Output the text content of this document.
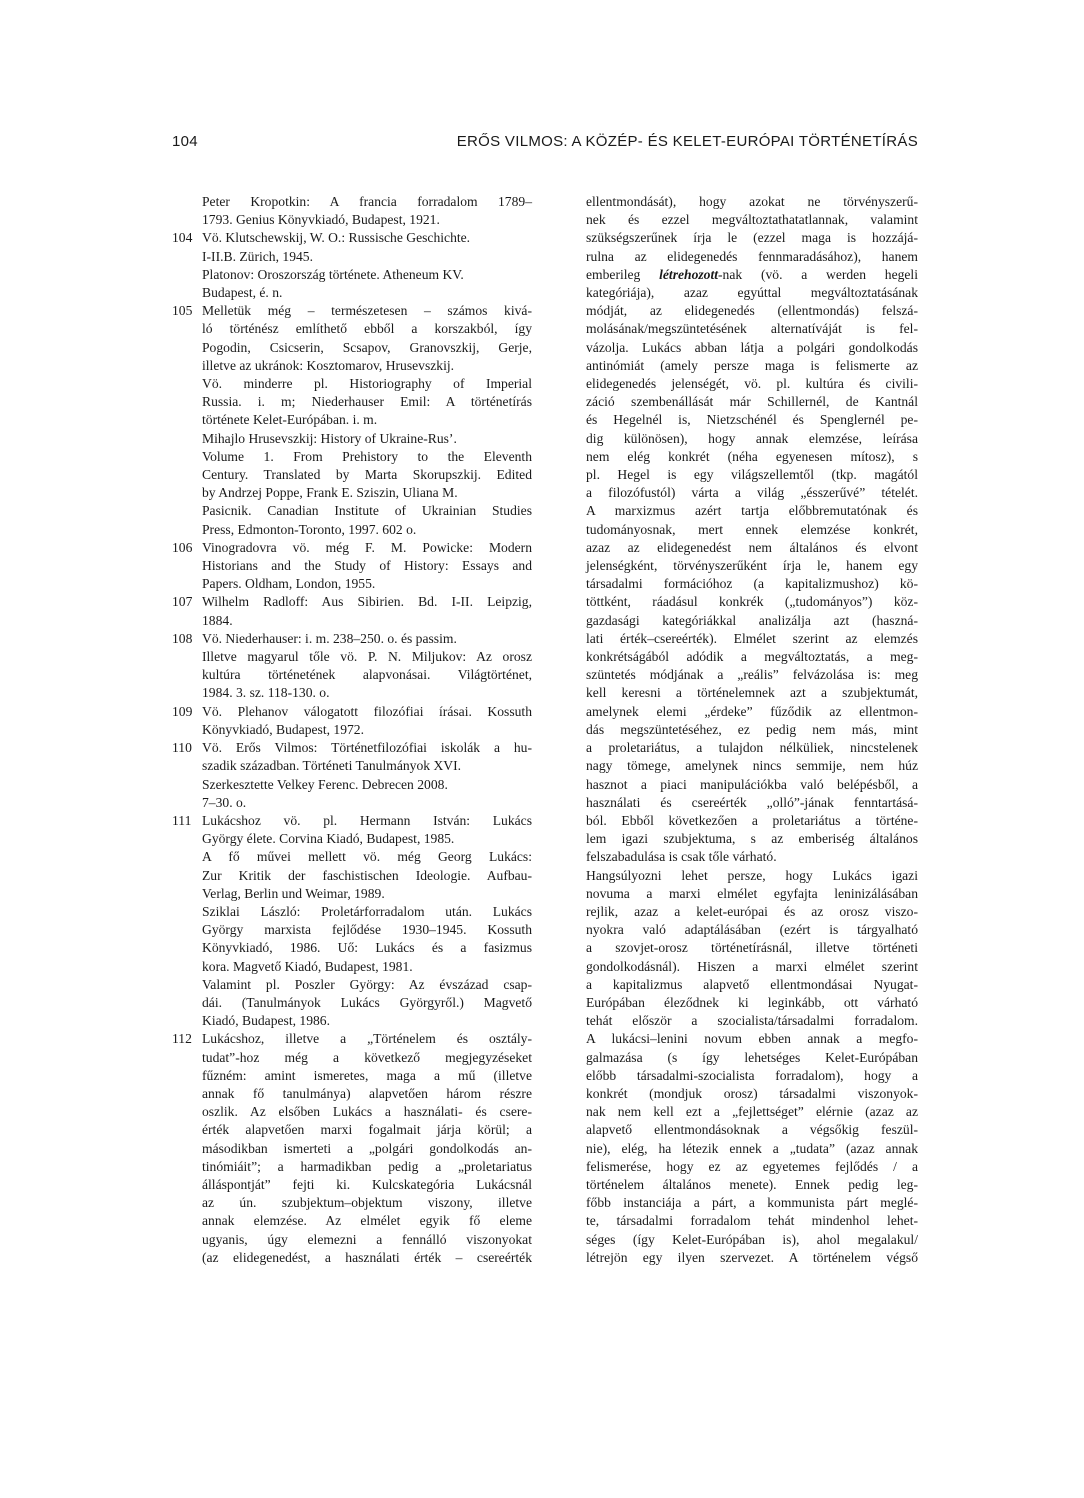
104	ERŐS VILMOS: A KÖZÉP- ÉS KELET-EURÓPAI TÖRTÉNETÍRÁS
Peter Kropotkin: A francia forradalom 1789–
1793. Genius Könyvkiadó, Budapest, 1921.
104 Vö. Klutschewskij, W. O.: Russische Geschichte.
I-II.B. Zürich, 1945.
Platonov: Oroszország története. Atheneum KV.
Budapest, é. n.
105 Melletük még – természetesen – számos kivá-
ló történész említhető ebből a korszakból, így
Pogodin, Csicserin, Scsapov, Granovszkij, Gerje,
illetve az ukránok: Kosztomarov, Hrusevszkij.
Vö. minderre pl. Historiography of Imperial
Russia. i. m; Niederhauser Emil: A történetírás
története Kelet-Európában. i. m.
Mihajlo Hrusevszkij: History of Ukraine-Rus’.
Volume 1. From Prehistory to the Eleventh
Century. Translated by Marta Skorupszkij. Edited
by Andrzej Poppe, Frank E. Sziszin, Uliana M.
Pasicnik. Canadian Institute of Ukrainian Studies
Press, Edmonton-Toronto, 1997. 602 o.
106 Vinogradovra vö. még F. M. Powicke: Modern
Historians and the Study of History: Essays and
Papers. Oldham, London, 1955.
107 Wilhelm Radloff: Aus Sibirien. Bd. I-II. Leipzig,
1884.
108 Vö. Niederhauser: i. m. 238–250. o. és passim.
Illetve magyarul tőle vö. P. N. Miljukov: Az orosz
kultúra történetének alapvonásai. Világtörténet,
1984. 3. sz. 118-130. o.
109 Vö. Plehanov válogatott filozófiai írásai. Kossuth
Könyvkiadó, Budapest, 1972.
110 Vö. Erős Vilmos: Történetfilozófiai iskolák a hu-
szadik században. Történeti Tanulmányok XVI.
Szerkesztette Velkey Ferenc. Debrecen 2008.
7–30. o.
111 Lukácshoz vö. pl. Hermann István: Lukács
György élete. Corvina Kiadó, Budapest, 1985.
A fő művei mellett vö. még Georg Lukács:
Zur Kritik der faschistischen Ideologie. Aufbau-
Verlag, Berlin und Weimar, 1989.
Sziklai László: Proletárforradalom után. Lukács
György marxista fejlődése 1930–1945. Kossuth
Könyvkiadó, 1986. Uő: Lukács és a fasizmus
kora. Magvető Kiadó, Budapest, 1981.
Valamint pl. Poszler György: Az évszázad csap-
dái. (Tanulmányok Lukács Györgyről.) Magvető
Kiadó, Budapest, 1986.
112 Lukácshoz, illetve a „Történelem és osztály-
tudat”-hoz még a következő megjegyzéseket
fűzném: amint ismeretes, maga a mű (illetve
annak fő tanulmánya) alapvetően három részre
oszlik. Az elsőben Lukács a használati- és csere-
érték alapvetően marxi fogalmait járja körül; a
másodikban ismerteti a „polgári gondolkodás an-
tinómiáit”; a harmadikban pedig a „proletariatus
álláspontját” fejti ki. Kulcskategória Lukácsnál
az ún. szubjektum–objektum viszony, illetve
annak elemzése. Az elmélet egyik fő eleme
ugyanis, úgy elemezni a fennálló viszonyokat
(az elidegenedést, a használati érték – csereérték
ellentmondását), hogy azokat ne törvényszerű-
nek és ezzel megváltoztathatatlannak, valamint
szükségszerűnek írja le (ezzel maga is hozzájá-
rulna az elidegenedés fennmaradásához), hanem
emberileg létrehozott-nak (vö. a werden hegeli
kategóriája), azaz egyúttal megváltoztatásának
módját, az elidegenedés (ellentmondás) felszá-
molásának/megszüntetésének alternatíváját is fel-
vázolja. Lukács abban látja a polgári gondolkodás
antinómiát (amely persze maga is felismerte az
elidegenedés jelenségét, vö. pl. kultúra és civili-
záció szembenállását már Schillernél, de Kantnál
és Hegelnél is, Nietzschénél és Spenglernél pe-
dig különösen), hogy annak elemzése, leírása
nem elég konkrét (néha egyenesen mítosz), s
pl. Hegel is egy világszellemtől (tkp. magától
a filozófustól) várta a világ „ésszerűvé” tételét.
A marxizmus azért tartja előbbremutatónak és
tudományosnak, mert ennek elemzése konkrét,
azaz az elidegenedést nem általános és elvont
jelenségként, törvényszerűként írja le, hanem egy
társadalmi formációhoz (a kapitalizmushoz) kö-
töttként, ráadásul konkrék („tudományos”) köz-
gazdasági kategóriákkal analizálja azt (haszná-
lati érték–csereérték). Elmélet szerint az elemzés
konkrétságából adódik a megváltoztatás, a meg-
szüntetés módjának a „reális” felvázolása is: meg
kell keresni a történelemnek azt a szubjektumát,
amelynek elemi „érdeke” fűződik az ellentmon-
dás megszüntetéséhez, ez pedig nem más, mint
a proletariátus, a tulajdon nélküliek, nincstelenek
nagy tömege, amelynek nincs semmije, nem húz
hasznot a piaci manipulációkba való belépésből, a
használati és csereérték „olló”-jának fenntartásá-
ból. Ebből következően a proletariátus a történe-
lem igazi szubjektuma, s az emberiség általános
felszabadulása is csak tőle várható.
Hangsúlyozni lehet persze, hogy Lukács igazi
novuma a marxi elmélet egyfajta leninizálásában
rejlik, azaz a kelet-európai és az orosz viszo-
nyokra való adaptálásában (ezért is tárgyalható
a szovjet-orosz történetírásnál, illetve történeti
gondolkodásnál). Hiszen a marxi elmélet szerint
a kapitalizmus alapvető ellentmondásai Nyugat-
Európában éleződnek ki leginkább, ott várható
tehát először a szocialista/társadalmi forradalom.
A lukácsi–lenini novum ebben annak a megfo-
galmazása (s így lehetséges Kelet-Európában
előbb társadalmi-szocialista forradalom), hogy a
konkrét (mondjuk orosz) társadalmi viszonyok-
nak nem kell ezt a „fejlettséget” elérnie (azaz az
alapvető ellentmondásoknak a végsőkig feszül-
nie), elég, ha létezik ennek a „tudata” (azaz annak
felismerése, hogy ez az egyetemes fejlődés / a
történelem általános menete). Ennek pedig leg-
főbb instanciája a párt, a kommunista párt meglé-
te, társadalmi forradalom tehát mindenhol lehet-
séges (így Kelet-Európában is), ahol megalakul/
létrejön egy ilyen szervezet. A történelem végső
